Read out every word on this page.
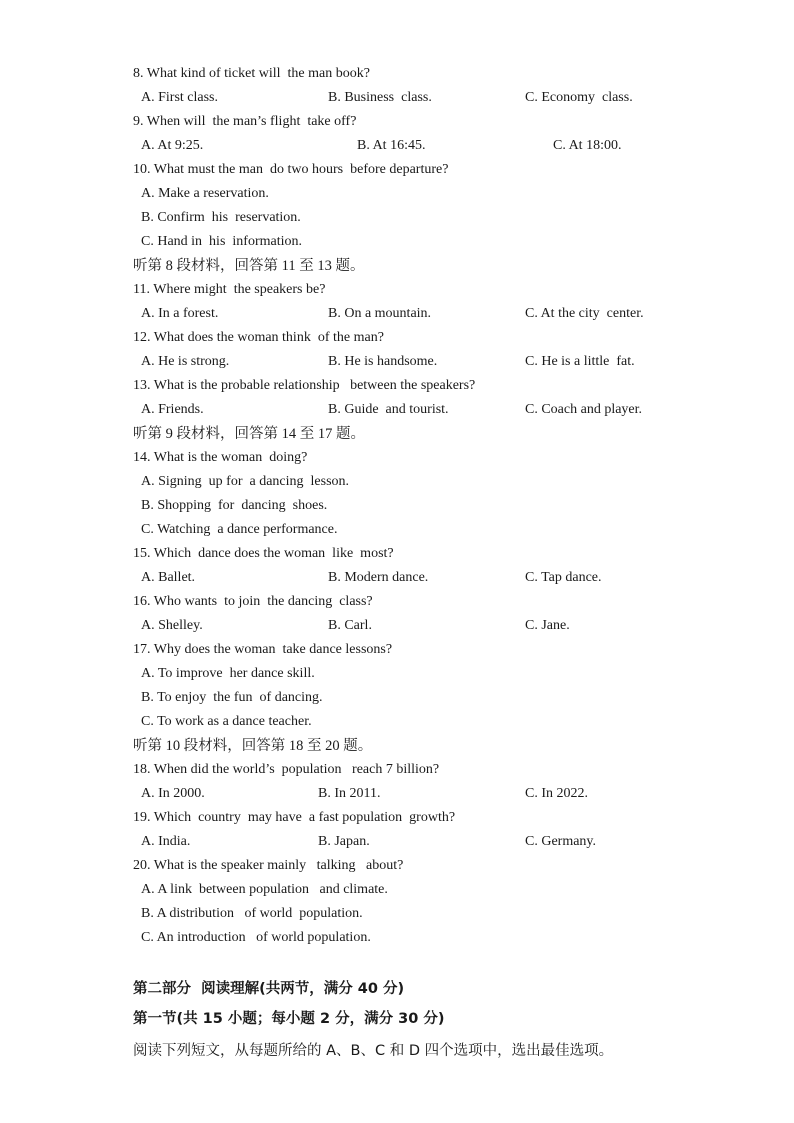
8. What kind of ticket will  the man book?
A. First class.	B. Business  class.	C. Economy  class.
9. When will  the man’s flight  take off?
A. At 9:25.	B. At 16:45.	C. At 18:00.
10. What must the man  do two hours  before departure?
A. Make a reservation.
B. Confirm  his  reservation.
C. Hand in  his  information.
听第 8 段材料，回答第 11 至 13 题。
11. Where might  the speakers be?
A. In a forest.	B. On a mountain.	C. At the city  center.
12. What does the woman think  of the man?
A. He is strong.	B. He is handsome.	C. He is a little  fat.
13. What is the probable relationship   between the speakers?
A. Friends.	B. Guide  and tourist.	C. Coach and player.
听第 9 段材料，回答第 14 至 17 题。
14. What is the woman  doing?
A. Signing  up for  a dancing  lesson.
B. Shopping  for  dancing  shoes.
C. Watching  a dance performance.
15. Which  dance does the woman  like  most?
A. Ballet.	B. Modern dance.	C. Tap dance.
16. Who wants  to join  the dancing  class?
A. Shelley.	B. Carl.	C. Jane.
17. Why does the woman  take dance lessons?
A. To improve  her dance skill.
B. To enjoy  the fun  of dancing.
C. To work as a dance teacher.
听第 10 段材料，回答第 18 至 20 题。
18. When did the world’s  population   reach 7 billion?
A. In 2000.	B. In 2011.	C. In 2022.
19. Which  country  may have  a fast population  growth?
A. India.	B. Japan.	C. Germany.
20. What is the speaker mainly   talking   about?
A. A link  between population   and climate.
B. A distribution   of world  population.
C. An introduction   of world population.
第二部分  阅读理解(共两节，满分 40 分)
第一节(共 15 小题；每小题 2 分，满分 30 分)
阅读下列短文，从每题所给的 A、B、C 和 D 四个选项中，选出最佳选项。
